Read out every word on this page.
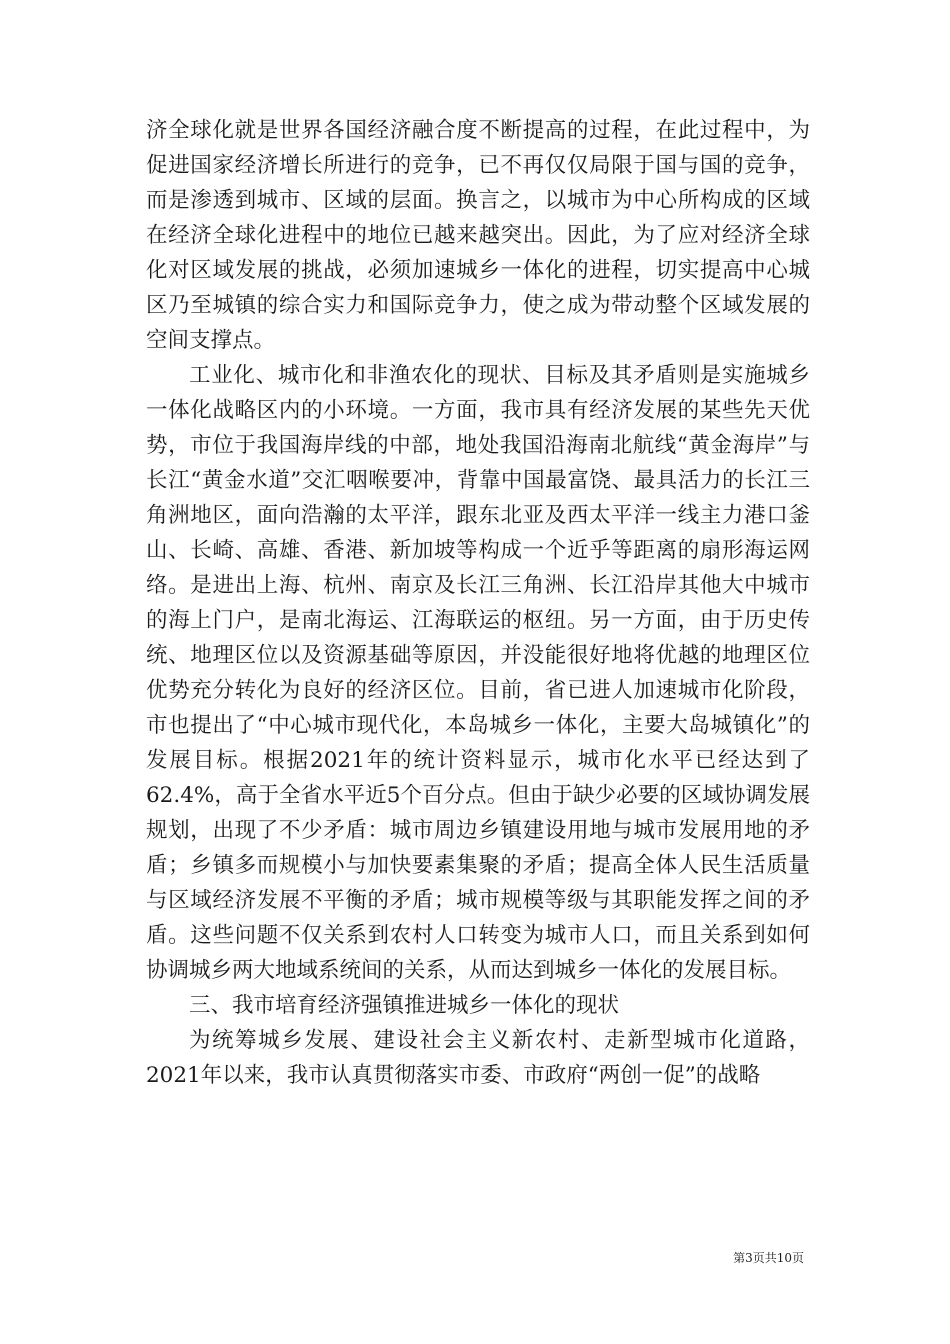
济全球化就是世界各国经济融合度不断提高的过程，在此过程中，为促进国家经济增长所进行的竞争，已不再仅仅局限于国与国的竞争，而是渗透到城市、区域的层面。换言之，以城市为中心所构成的区域在经济全球化进程中的地位已越来越突出。因此，为了应对经济全球化对区域发展的挑战，必须加速城乡一体化的进程，切实提高中心城区乃至城镇的综合实力和国际竞争力，使之成为带动整个区域发展的空间支撑点。

工业化、城市化和非渔农化的现状、目标及其矛盾则是实施城乡一体化战略区内的小环境。一方面，我市具有经济发展的某些先天优势，市位于我国海岸线的中部，地处我国沿海南北航线“黄金海岸”与长江“黄金水道”交汇咽喉要冲，背靠中国最富饶、最具活力的长江三角洲地区，面向浩瀚的太平洋，跟东北亚及西太平洋一线主力港口釜山、长崎、高雄、香港、新加坡等构成一个近乎等距离的扇形海运网络。是进出上海、杭州、南京及长江三角洲、长江沿岸其他大中城市的海上门户，是南北海运、江海联运的枢纽。另一方面，由于历史传统、地理区位以及资源基础等原因，并没能很好地将优越的地理区位优势充分转化为良好的经济区位。目前，省已进人加速城市化阶段，市也提出了“中心城市现代化，本岛城乡一体化，主要大岛城镇化”的发展目标。根据2021年的统计资料显示，城市化水平已经达到了62.4%，高于全省水平近5个百分点。但由于缺少必要的区域协调发展规划，出现了不少矛盾：城市周边乡镇建设用地与城市发展用地的矛盾；乡镇多而规模小与加快要素集聚的矛盾；提高全体人民生活质量与区域经济发展不平衡的矛盾；城市规模等级与其职能发挥之间的矛盾。这些问题不仅关系到农村人口转变为城市人口，而且关系到如何协调城乡两大地域系统间的关系，从而达到城乡一体化的发展目标。

三、我市培育经济强镇推进城乡一体化的现状

为统筹城乡发展、建设社会主义新农村、走新型城市化道路，2021年以来，我市认真贯彻落实市委、市政府“两创一促”的战略

第3页共10页
